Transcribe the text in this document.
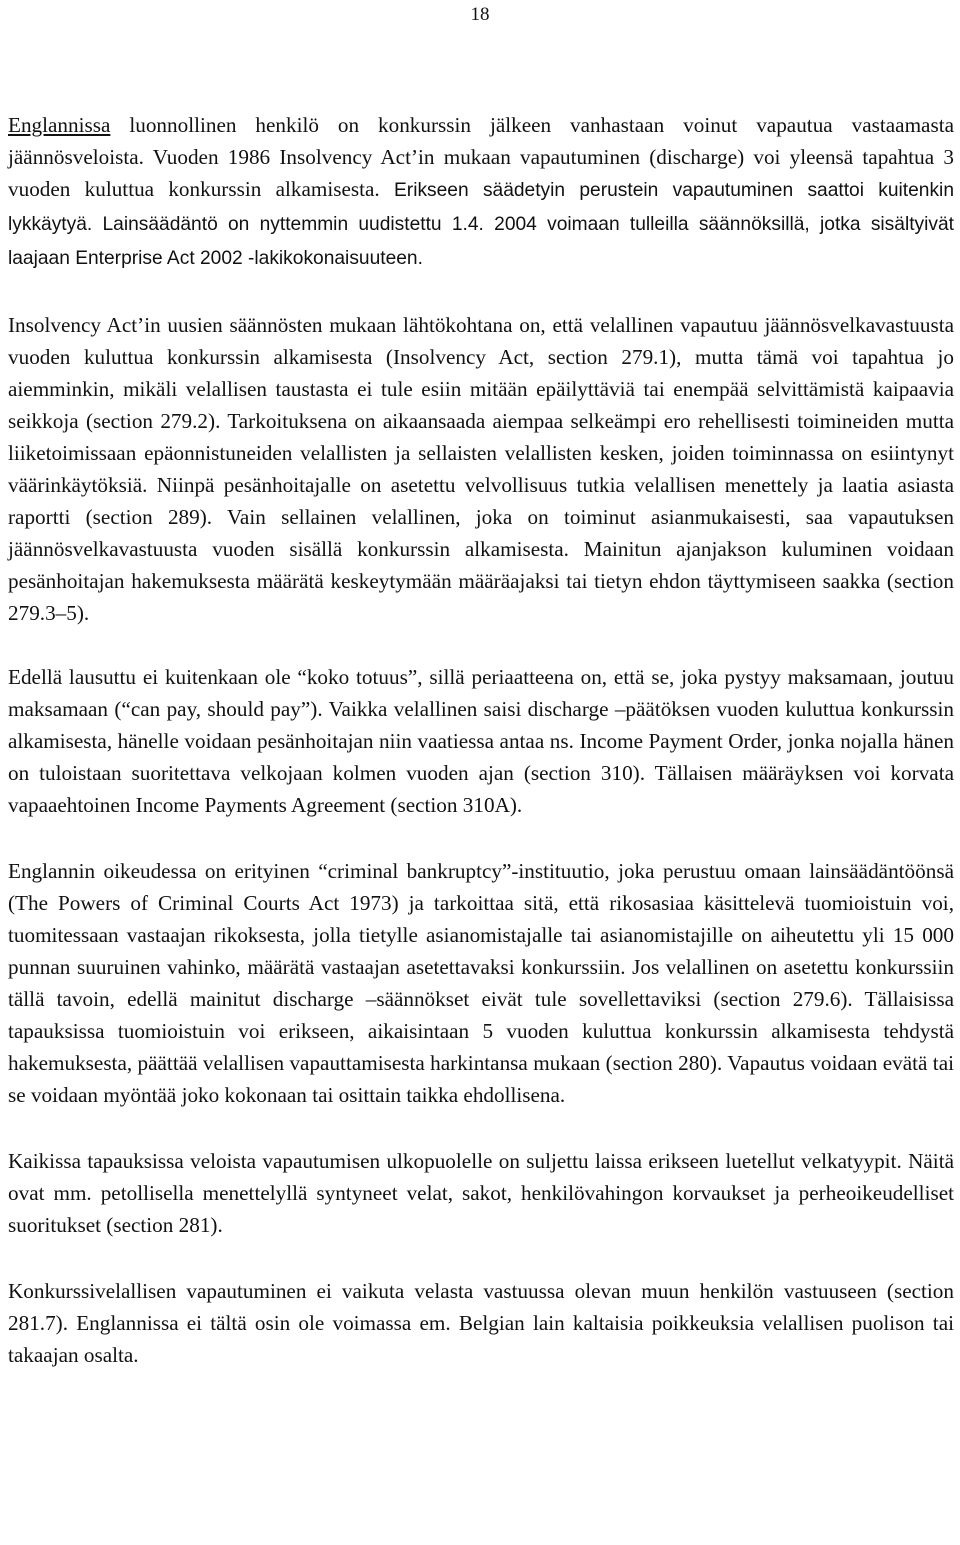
18

Englannissa luonnollinen henkilö on konkurssin jälkeen vanhastaan voinut vapautua vastaamasta jäännösveloista. Vuoden 1986 Insolvency Act’in mukaan vapautuminen (discharge) voi yleensä tapahtua 3 vuoden kuluttua konkurssin alkamisesta. Erikseen säädetyin perustein vapautuminen saattoi kuitenkin lykkäytyä. Lainsäädäntö on nyttemmin uudistettu 1.4. 2004 voimaan tulleilla säännöksillä, jotka sisältyivät laajaan Enterprise Act 2002 -lakikokonaisuuteen.

Insolvency Act’in uusien säännösten mukaan lähtökohtana on, että velallinen vapautuu jäännösvelkavastuusta vuoden kuluttua konkurssin alkamisesta (Insolvency Act, section 279.1), mutta tämä voi tapahtua jo aiemminkin, mikäli velallisen taustasta ei tule esiin mitään epäilyttäviä tai enempää selvittämistä kaipaavia seikkoja (section 279.2). Tarkoituksena on aikaansaada aiempaa selkeämpi ero rehellisesti toimineiden mutta liiketoimissaan epäonnistuneiden velallisten ja sellaisten velallisten kesken, joiden toiminnassa on esiintynyt väärinkäytöksiä. Niinpä pesänhoitajalle on asetettu velvollisuus tutkia velallisen menettely ja laatia asiasta raportti (section 289). Vain sellainen velallinen, joka on toiminut asianmukaisesti, saa vapautuksen jäännösvelkavastuusta vuoden sisällä konkurssin alkamisesta. Mainitun ajanjakson kuluminen voidaan pesänhoitajan hakemuksesta määrätä keskeytymään määräajaksi tai tietyn ehdon täyttymiseen saakka (section 279.3–5).

Edellä lausuttu ei kuitenkaan ole “koko totuus”, sillä periaatteena on, että se, joka pystyy maksamaan, joutuu maksamaan (“can pay, should pay”). Vaikka velallinen saisi discharge –päätöksen vuoden kuluttua konkurssin alkamisesta, hänelle voidaan pesänhoitajan niin vaatiessa antaa ns. Income Payment Order, jonka nojalla hänen on tuloistaan suoritettava velkojaan kolmen vuoden ajan (section 310). Tällaisen määräyksen voi korvata vapaaehtoinen Income Payments Agreement (section 310A).

Englannin oikeudessa on erityinen “criminal bankruptcy”-instituutio, joka perustuu omaan lainsäädäntöönsä (The Powers of Criminal Courts Act 1973) ja tarkoittaa sitä, että rikosasiaa käsittelevä tuomioistuin voi, tuomitessaan vastaajan rikoksesta, jolla tietylle asianomistajalle tai asianomistajille on aiheutettu yli 15 000 punnan suuruinen vahinko, määrätä vastaajan asetettavaksi konkurssiin. Jos velallinen on asetettu konkurssiin tällä tavoin, edellä mainitut discharge –säännökset eivät tule sovellettaviksi (section 279.6). Tällaisissa tapauksissa tuomioistuin voi erikseen, aikaisintaan 5 vuoden kuluttua konkurssin alkamisesta tehdystä hakemuksesta, päättää velallisen vapauttamisesta harkintansa mukaan (section 280). Vapautus voidaan evätä tai se voidaan myöntää joko kokonaan tai osittain taikka ehdollisena.

Kaikissa tapauksissa veloista vapautumisen ulkopuolelle on suljettu laissa erikseen luetellut velkatyypit. Näitä ovat mm. petollisella menettelyllä syntyneet velat, sakot, henkilövahingon korvaukset ja perheoikeudelliset suoritukset (section 281).

Konkurssivelallisen vapautuminen ei vaikuta velasta vastuussa olevan muun henkilön vastuuseen (section 281.7). Englannissa ei tältä osin ole voimassa em. Belgian lain kaltaisia poikkeuksia velallisen puolison tai takaajan osalta.
